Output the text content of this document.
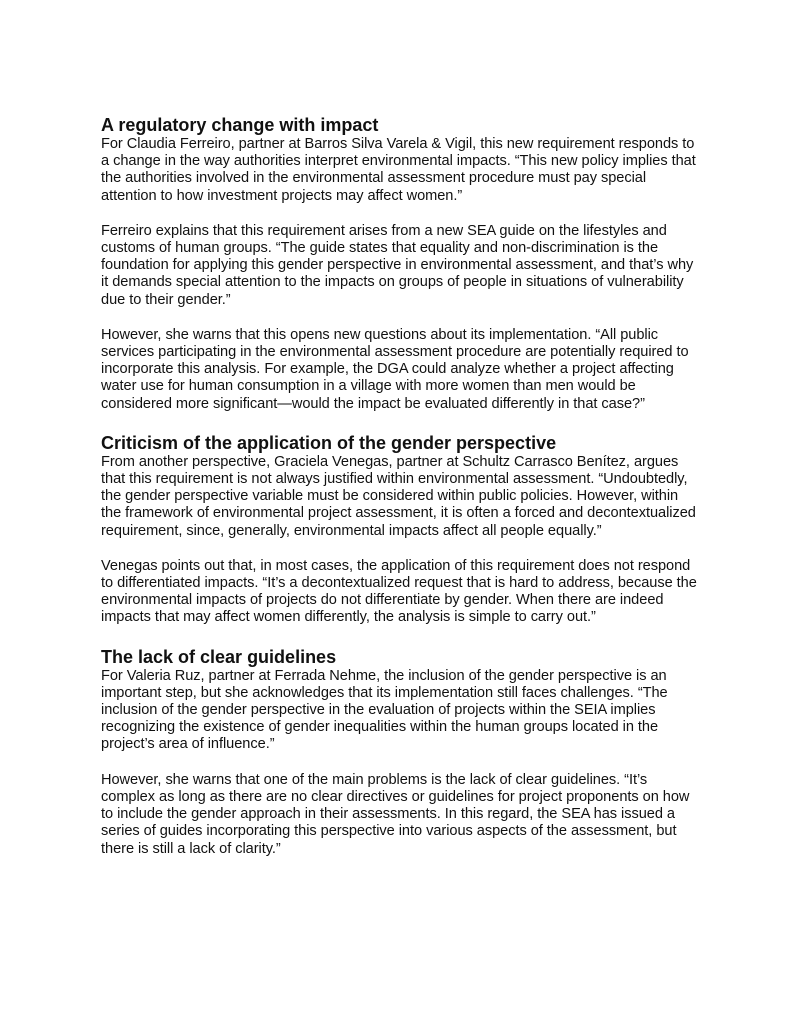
A regulatory change with impact

For Claudia Ferreiro, partner at Barros Silva Varela & Vigil, this new requirement responds to a change in the way authorities interpret environmental impacts. “This new policy implies that the authorities involved in the environmental assessment procedure must pay special attention to how investment projects may affect women.”

Ferreiro explains that this requirement arises from a new SEA guide on the lifestyles and customs of human groups. “The guide states that equality and non-discrimination is the foundation for applying this gender perspective in environmental assessment, and that’s why it demands special attention to the impacts on groups of people in situations of vulnerability due to their gender.”

However, she warns that this opens new questions about its implementation. “All public services participating in the environmental assessment procedure are potentially required to incorporate this analysis. For example, the DGA could analyze whether a project affecting water use for human consumption in a village with more women than men would be considered more significant—would the impact be evaluated differently in that case?”

Criticism of the application of the gender perspective

From another perspective, Graciela Venegas, partner at Schultz Carrasco Benítez, argues that this requirement is not always justified within environmental assessment. “Undoubtedly, the gender perspective variable must be considered within public policies. However, within the framework of environmental project assessment, it is often a forced and decontextualized requirement, since, generally, environmental impacts affect all people equally.”

Venegas points out that, in most cases, the application of this requirement does not respond to differentiated impacts. “It’s a decontextualized request that is hard to address, because the environmental impacts of projects do not differentiate by gender. When there are indeed impacts that may affect women differently, the analysis is simple to carry out.”

The lack of clear guidelines

For Valeria Ruz, partner at Ferrada Nehme, the inclusion of the gender perspective is an important step, but she acknowledges that its implementation still faces challenges. “The inclusion of the gender perspective in the evaluation of projects within the SEIA implies recognizing the existence of gender inequalities within the human groups located in the project’s area of influence.”

However, she warns that one of the main problems is the lack of clear guidelines. “It’s complex as long as there are no clear directives or guidelines for project proponents on how to include the gender approach in their assessments. In this regard, the SEA has issued a series of guides incorporating this perspective into various aspects of the assessment, but there is still a lack of clarity.”
